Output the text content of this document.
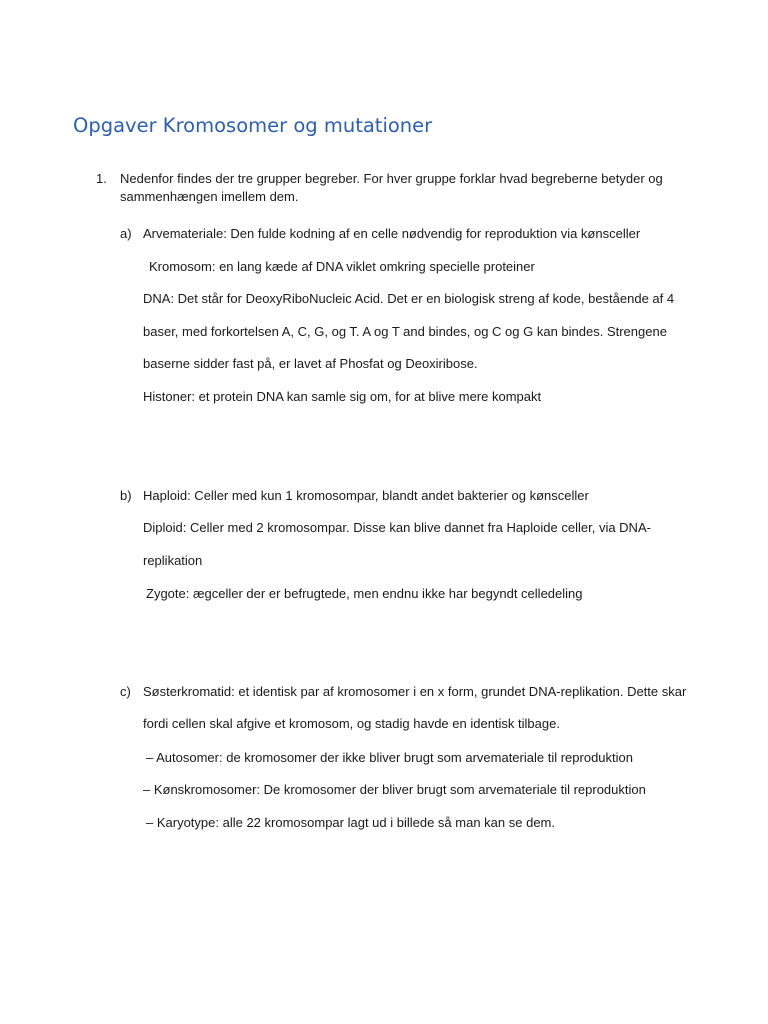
Opgaver Kromosomer og mutationer

1. Nedenfor findes der tre grupper begreber. For hver gruppe forklar hvad begreberne betyder og

sammenhængen imellem dem.

a) Arvemateriale: Den fulde kodning af en celle nødvendig for reproduktion via kønsceller

Kromosom: en lang kæde af DNA viklet omkring specielle proteiner

DNA: Det står for DeoxyRiboNucleic Acid. Det er en biologisk streng af kode, bestående af 4

baser, med forkortelsen A, C, G, og T. A og T and bindes, og C og G kan bindes. Strengene

baserne sidder fast på, er lavet af Phosfat og Deoxiribose.

Histoner: et protein DNA kan samle sig om, for at blive mere kompakt

b) Haploid: Celler med kun 1 kromosompar, blandt andet bakterier og kønsceller

Diploid: Celler med 2 kromosompar. Disse kan blive dannet fra Haploide celler, via DNA-

replikation

Zygote: ægceller der er befrugtede, men endnu ikke har begyndt celledeling

c) Søsterkromatid: et identisk par af kromosomer i en x form, grundet DNA-replikation. Dette skar

fordi cellen skal afgive et kromosom, og stadig havde en identisk tilbage.

– Autosomer: de kromosomer der ikke bliver brugt som arvemateriale til reproduktion

– Kønskromosomer: De kromosomer der bliver brugt som arvemateriale til reproduktion

– Karyotype: alle 22 kromosompar lagt ud i billede så man kan se dem.
